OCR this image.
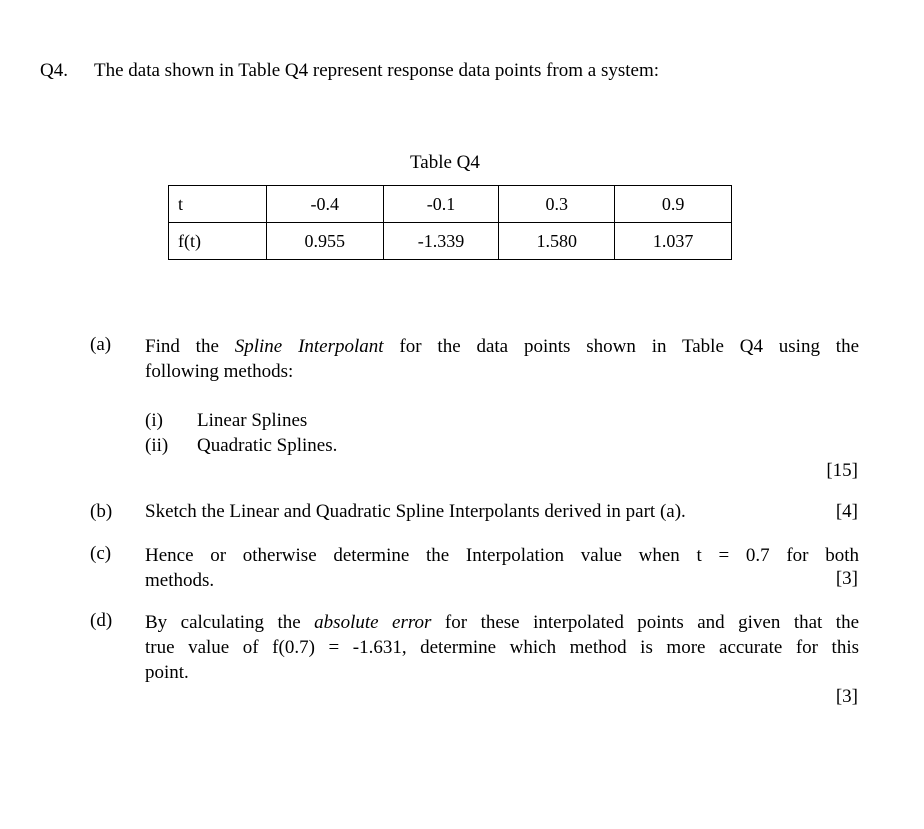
Q4. The data shown in Table Q4 represent response data points from a system:
Table Q4
t	-0.4	-0.1	0.3	0.9
f(t)	0.955	-1.339	1.580	1.037
(a) Find the Spline Interpolant for the data points shown in Table Q4 using the
following methods:
(i) Linear Splines
(ii) Quadratic Splines.
[15]
(b) Sketch the Linear and Quadratic Spline Interpolants derived in part (a).	[4]
(c) Hence or otherwise determine the Interpolation value when t = 0.7 for both
methods.	[3]
(d) By calculating the absolute error for these interpolated points and given that the
true value of f(0.7) = -1.631, determine which method is more accurate for this
point.
[3]
